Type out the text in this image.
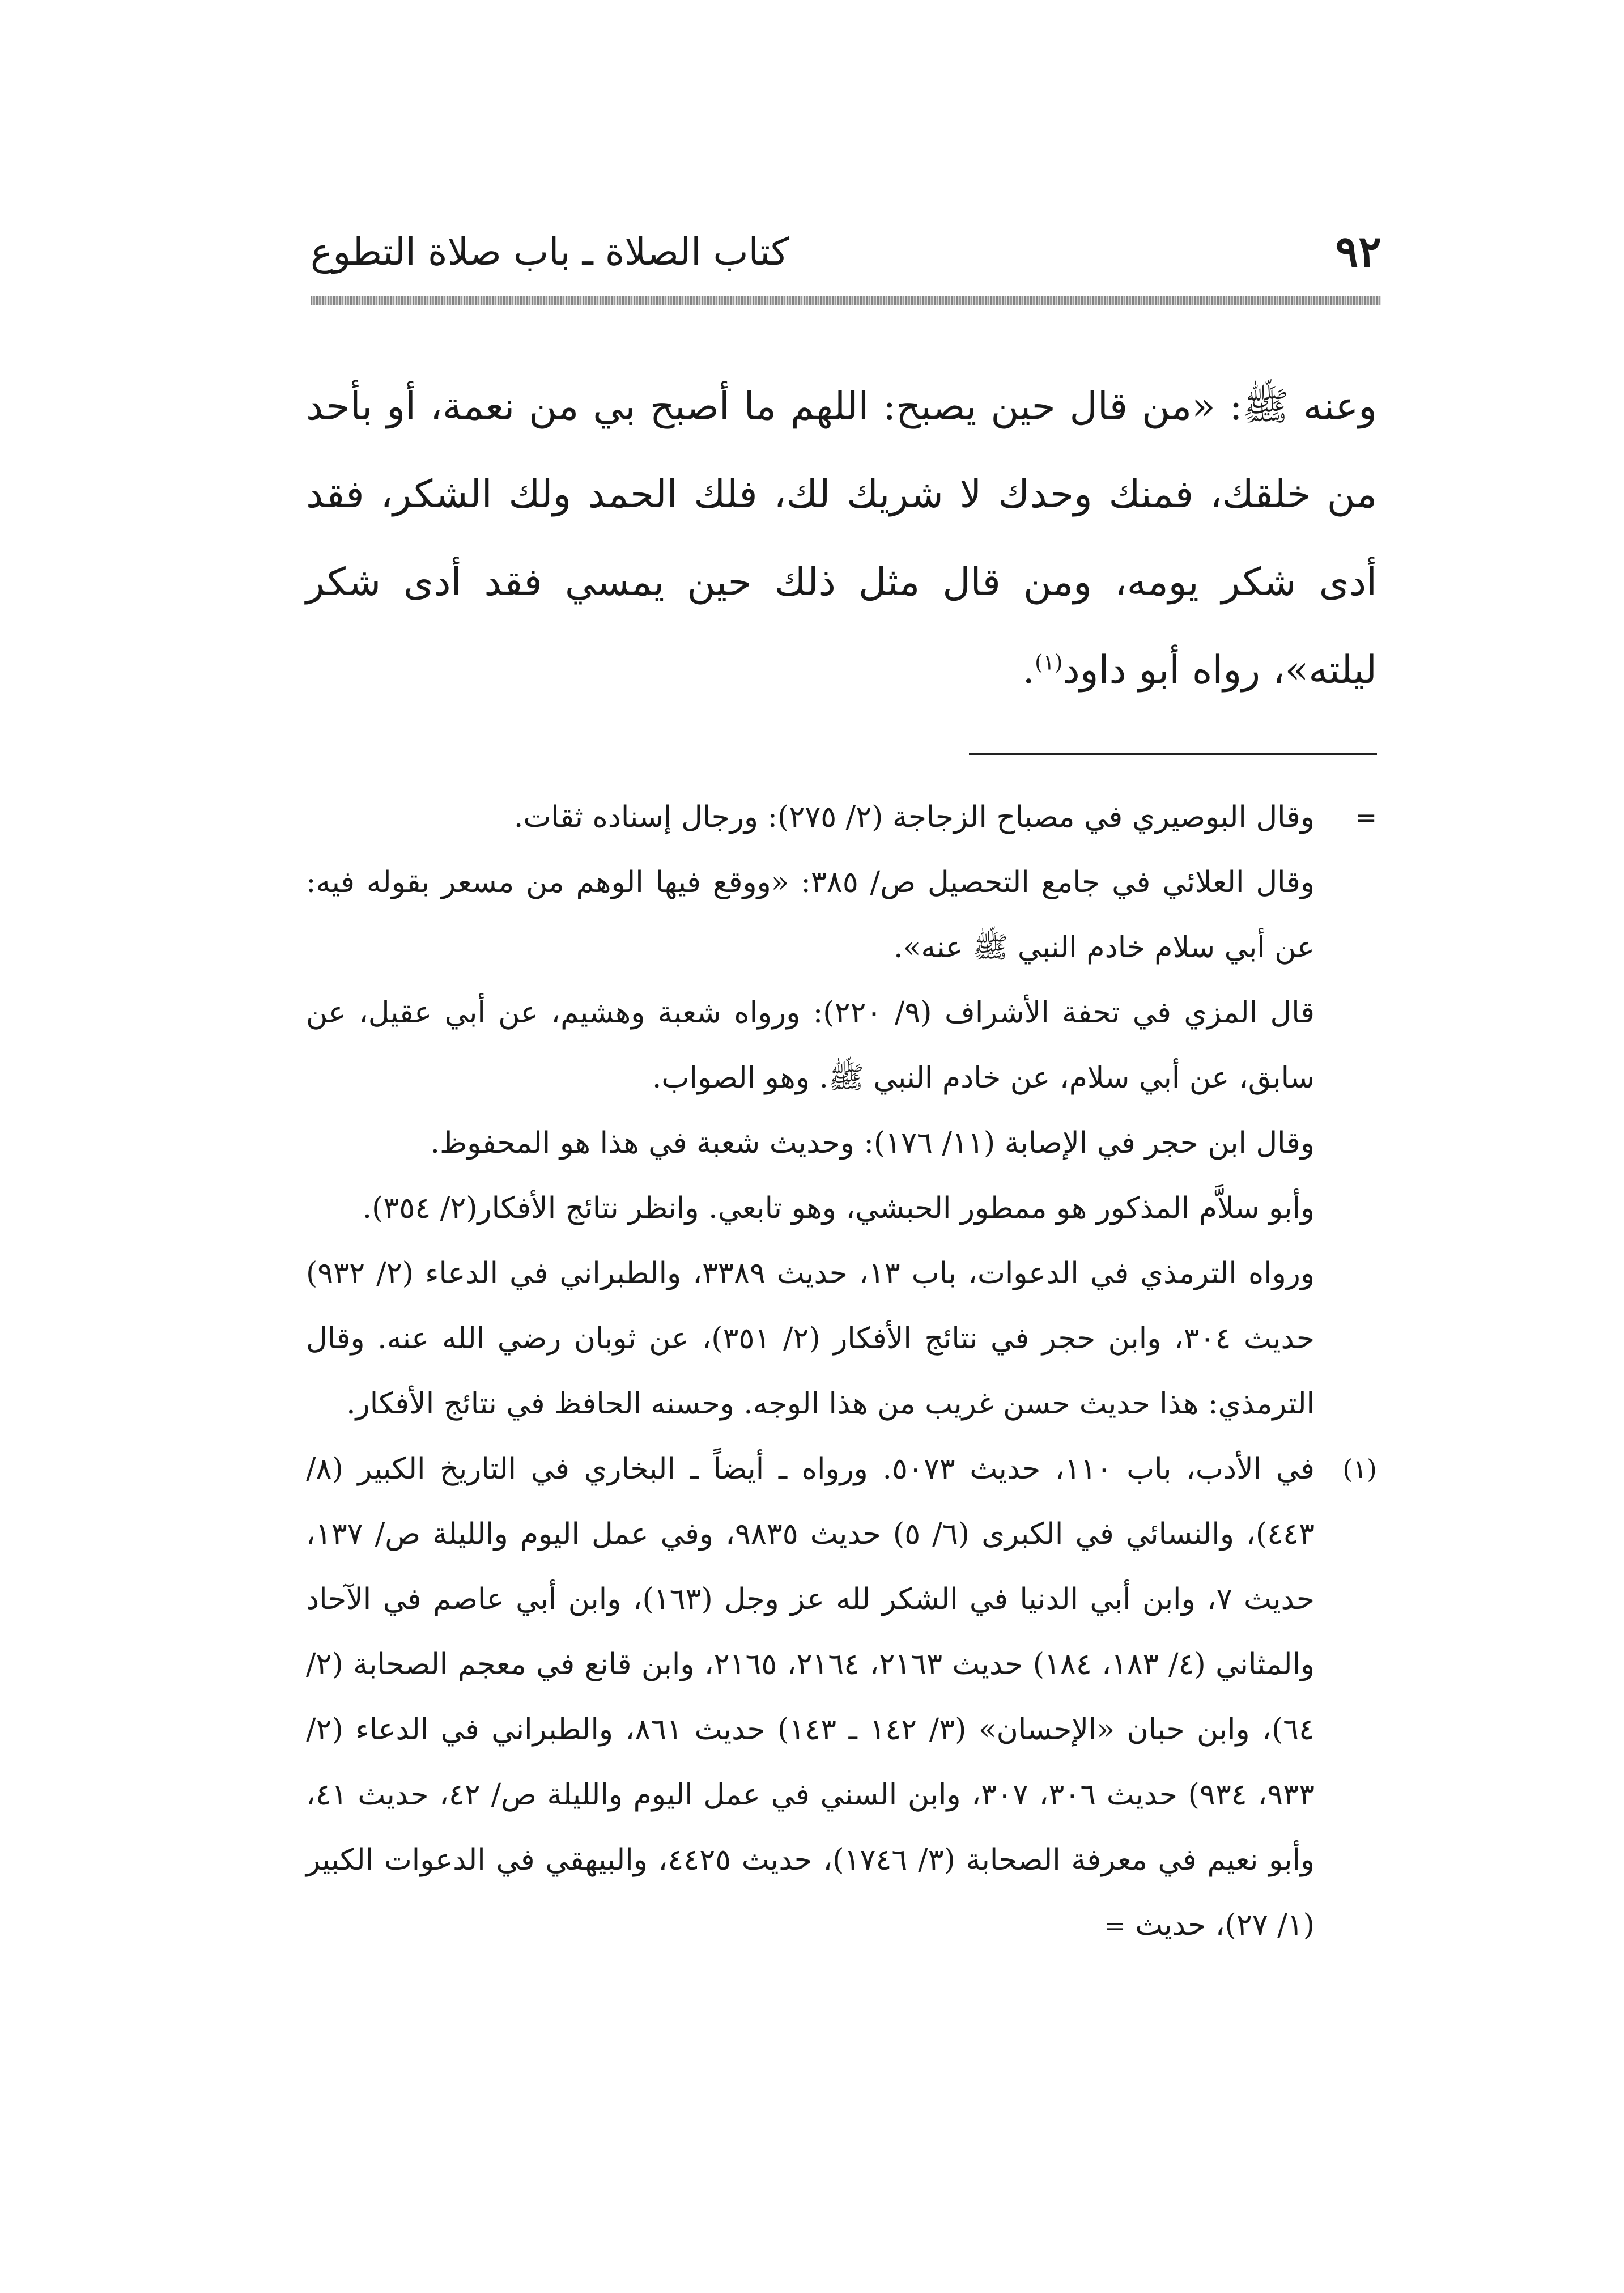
كتاب الصلاة ـ باب صلاة التطوع	٩٢
وعنه ﷺ: «من قال حين يصبح: اللهم ما أصبح بي من نعمة، أو بأحد من خلقك، فمنك وحدك لا شريك لك، فلك الحمد ولك الشكر، فقد أدى شكر يومه، ومن قال مثل ذلك حين يمسي فقد أدى شكر ليلته»، رواه أبو داود$^{(١)}$.
=

وقال البوصيري في مصباح الزجاجة (٢/ ٢٧٥): ورجال إسناده ثقات.

وقال العلائي في جامع التحصيل ص/ ٣٨٥: «ووقع فيها الوهم من مسعر بقوله فيه: عن أبي سلام خادم النبي ﷺ عنه».

قال المزي في تحفة الأشراف (٩/ ٢٢٠): ورواه شعبة وهشيم، عن أبي عقيل، عن سابق، عن أبي سلام، عن خادم النبي ﷺ. وهو الصواب.

وقال ابن حجر في الإصابة (١١/ ١٧٦): وحديث شعبة في هذا هو المحفوظ.

وأبو سلاَّم المذكور هو ممطور الحبشي، وهو تابعي. وانظر نتائج الأفكار(٢/ ٣٥٤).

ورواه الترمذي في الدعوات، باب ١٣، حديث ٣٣٨٩، والطبراني في الدعاء (٢/ ٩٣٢) حديث ٣٠٤، وابن حجر في نتائج الأفكار (٢/ ٣٥١)، عن ثوبان رضي الله عنه. وقال الترمذي: هذا حديث حسن غريب من هذا الوجه. وحسنه الحافظ في نتائج الأفكار.

(١)

في الأدب، باب ١١٠، حديث ٥٠٧٣. ورواه ـ أيضاً ـ البخاري في التاريخ الكبير (٨/ ٤٤٣)، والنسائي في الكبرى (٦/ ٥) حديث ٩٨٣٥، وفي عمل اليوم والليلة ص/ ١٣٧، حديث ٧، وابن أبي الدنيا في الشكر لله عز وجل (١٦٣)، وابن أبي عاصم في الآحاد والمثاني (٤/ ١٨٣، ١٨٤) حديث ٢١٦٣، ٢١٦٤، ٢١٦٥، وابن قانع في معجم الصحابة (٢/ ٦٤)، وابن حبان «الإحسان» (٣/ ١٤٢ ـ ١٤٣) حديث ٨٦١، والطبراني في الدعاء (٢/ ٩٣٣، ٩٣٤) حديث ٣٠٦، ٣٠٧، وابن السني في عمل اليوم والليلة ص/ ٤٢، حديث ٤١، وأبو نعيم في معرفة الصحابة (٣/ ١٧٤٦)، حديث ٤٤٢٥، والبيهقي في الدعوات الكبير (١/ ٢٧)، حديث =
